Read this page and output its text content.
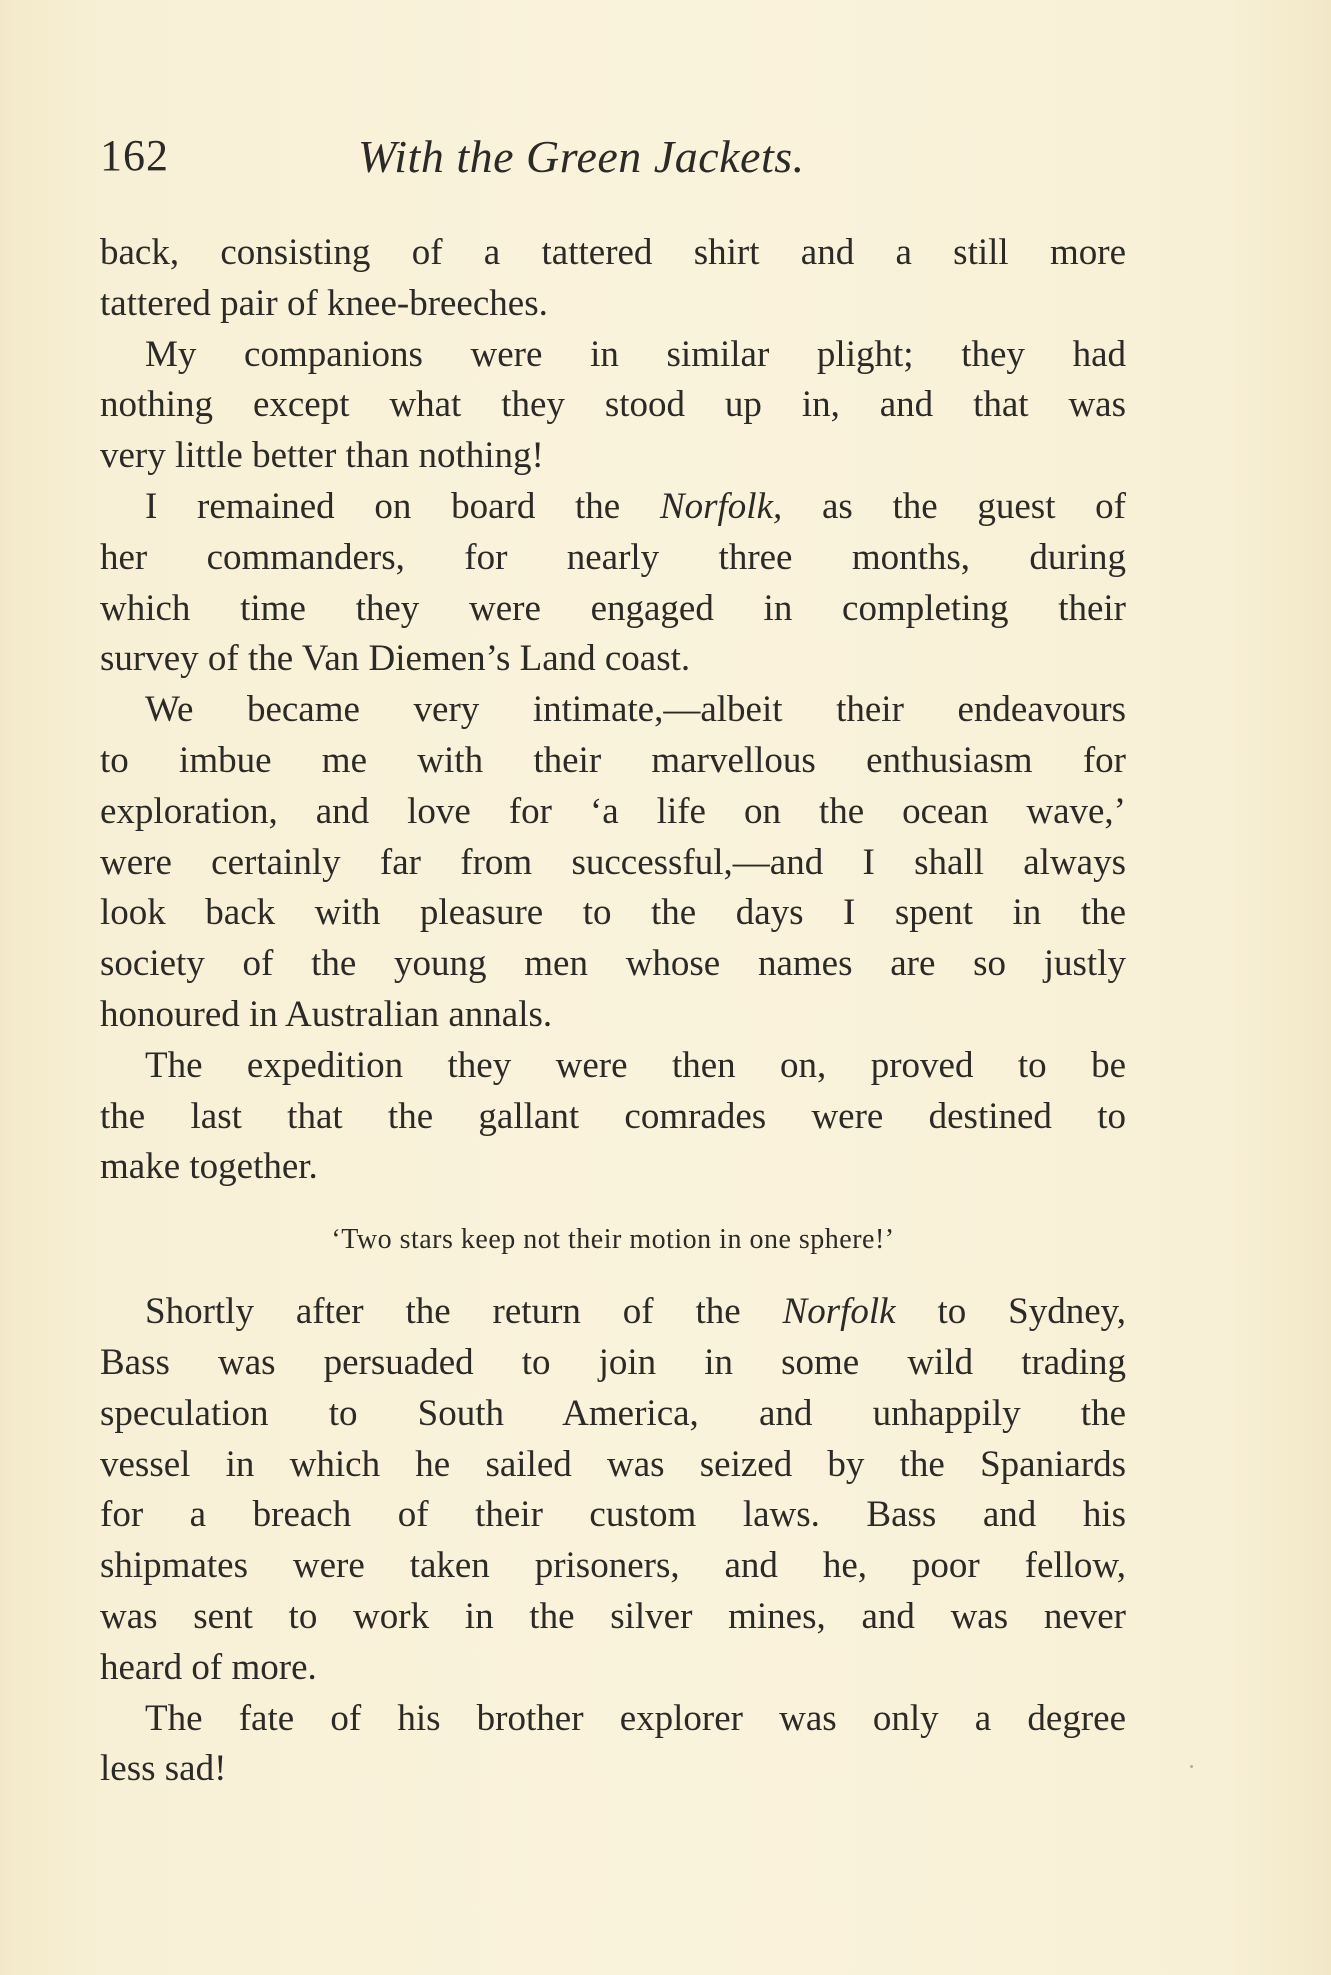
162	With the Green Jackets.
back, consisting of a tattered shirt and a still more
tattered pair of knee-breeches.
My companions were in similar plight; they had
nothing except what they stood up in, and that was
very little better than nothing!
I remained on board the Norfolk, as the guest of
her commanders, for nearly three months, during
which time they were engaged in completing their
survey of the Van Diemen’s Land coast.
We became very intimate,—albeit their endeavours
to imbue me with their marvellous enthusiasm for
exploration, and love for ‘a life on the ocean wave,’
were certainly far from successful,—and I shall always
look back with pleasure to the days I spent in the
society of the young men whose names are so justly
honoured in Australian annals.
The expedition they were then on, proved to be
the last that the gallant comrades were destined to
make together.
‘Two stars keep not their motion in one sphere!’
Shortly after the return of the Norfolk to Sydney,
Bass was persuaded to join in some wild trading
speculation to South America, and unhappily the
vessel in which he sailed was seized by the Spaniards
for a breach of their custom laws. Bass and his
shipmates were taken prisoners, and he, poor fellow,
was sent to work in the silver mines, and was never
heard of more.
The fate of his brother explorer was only a degree
less sad!
